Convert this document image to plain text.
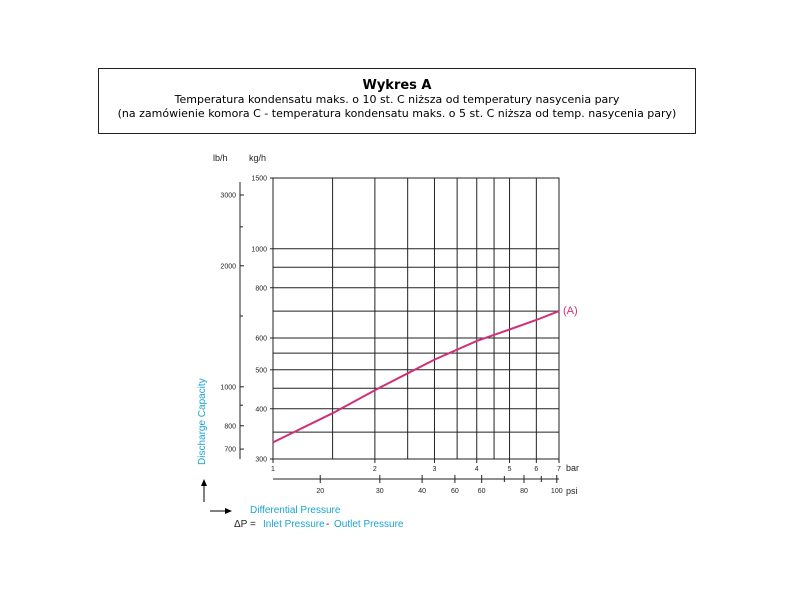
Wykres A
Temperatura kondensatu maks. o 10 st. C niższa od temperatury nasycenia pary
(na zamówienie komora C - temperatura kondensatu maks. o 5 st. C niższa od temp. nasycenia pary)
300
400
500
600
800
1000
1500
700
800
1000
2000
3000
1	2	3	4	5	6	7
20	30	40	60	60	80	100
(A)
lb/h kg/h
bar
psi
Discharge Capacity
Differential Pressure
ΔP = Inlet Pressure - Outlet Pressure
